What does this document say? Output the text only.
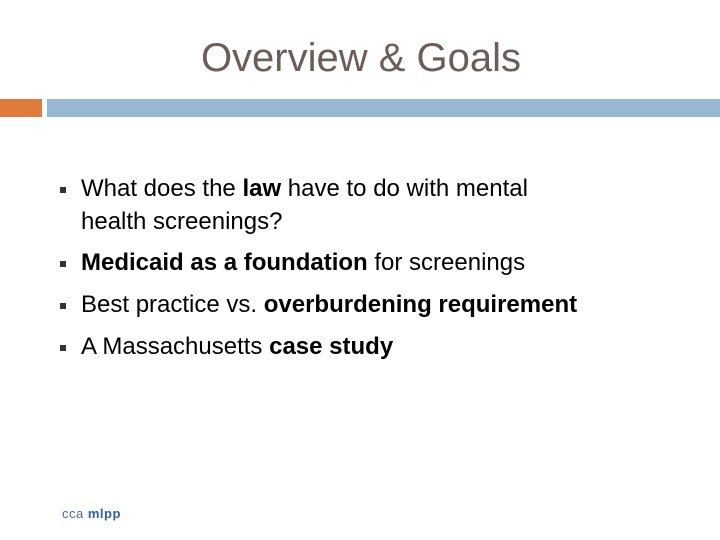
Overview & Goals
What does the law have to do with mental health screenings?
Medicaid as a foundation for screenings
Best practice vs. overburdening requirement
A Massachusetts case study
cca mlpp
